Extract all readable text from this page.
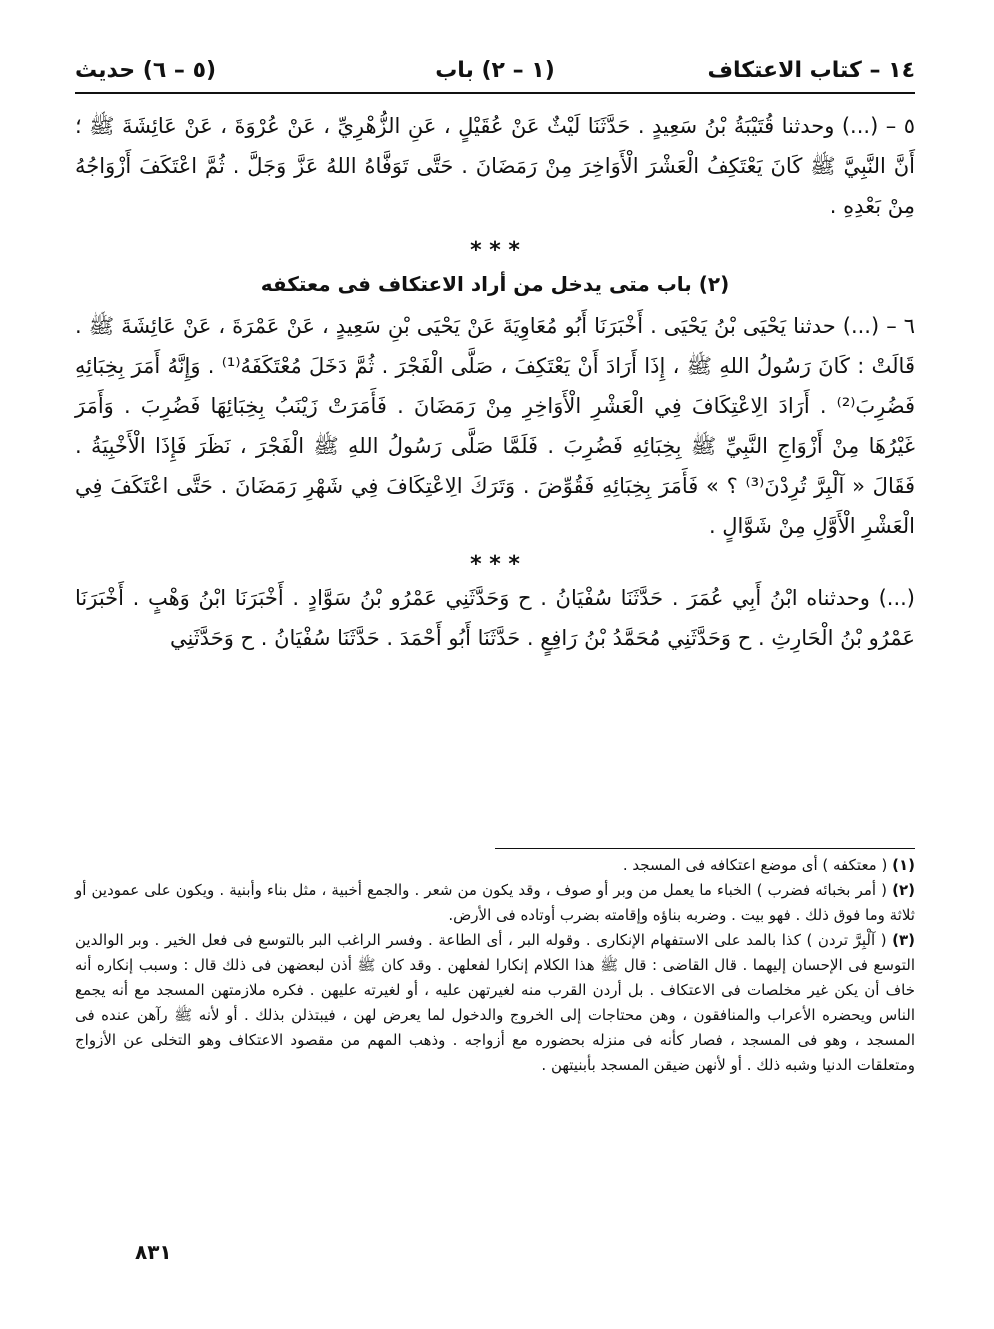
١٤ – كتاب الاعتكاف
(١ – ٢) باب
(٥ – ٦) حديث

٥ – (...) وحدثنا قُتَيْبَةُ بْنُ سَعِيدٍ . حَدَّثَنَا لَيْثٌ عَنْ عُقَيْلٍ ، عَنِ الزُّهْرِيِّ ، عَنْ عُرْوَةَ ، عَنْ عَائِشَةَ ﷺ ؛ أَنَّ النَّبِيَّ ﷺ كَانَ يَعْتَكِفُ الْعَشْرَ الْأَوَاخِرَ مِنْ رَمَضَانَ . حَتَّى تَوَفَّاهُ اللهُ عَزَّ وَجَلَّ . ثُمَّ اعْتَكَفَ أَزْوَاجُهُ مِنْ بَعْدِهِ .

* * *
(٢) باب متى يدخل من أراد الاعتكاف فى معتكفه

٦ – (...) حدثنا يَحْيَى بْنُ يَحْيَى . أَخْبَرَنَا أَبُو مُعَاوِيَةَ عَنْ يَحْيَى بْنِ سَعِيدٍ ، عَنْ عَمْرَةَ ، عَنْ عَائِشَةَ ﷺ . قَالَتْ : كَانَ رَسُولُ اللهِ ﷺ ، إِذَا أَرَادَ أَنْ يَعْتَكِفَ ، صَلَّى الْفَجْرَ . ثُمَّ دَخَلَ مُعْتَكَفَهُ⁽¹⁾ . وَإِنَّهُ أَمَرَ بِخِبَائِهِ فَضُرِبَ⁽²⁾ . أَرَادَ الِاعْتِكَافَ فِي الْعَشْرِ الْأَوَاخِرِ مِنْ رَمَضَانَ . فَأَمَرَتْ زَيْنَبُ بِخِبَائِهَا فَضُرِبَ . وَأَمَرَ غَيْرُهَا مِنْ أَزْوَاجِ النَّبِيِّ ﷺ بِخِبَائِهِ فَضُرِبَ . فَلَمَّا صَلَّى رَسُولُ اللهِ ﷺ الْفَجْرَ ، نَظَرَ فَإِذَا الْأَخْبِيَةُ . فَقَالَ « آلْبِرَّ تُرِدْنَ⁽³⁾ ؟ » فَأَمَرَ بِخِبَائِهِ فَقُوِّضَ . وَتَرَكَ الِاعْتِكَافَ فِي شَهْرِ رَمَضَانَ . حَتَّى اعْتَكَفَ فِي الْعَشْرِ الْأَوَّلِ مِنْ شَوَّالٍ .

* * *

(...) وحدثناه ابْنُ أَبِي عُمَرَ . حَدَّثَنَا سُفْيَانُ . ح وَحَدَّثَنِي عَمْرُو بْنُ سَوَّادٍ . أَخْبَرَنَا ابْنُ وَهْبٍ . أَخْبَرَنَا عَمْرُو بْنُ الْحَارِثِ . ح وَحَدَّثَنِي مُحَمَّدُ بْنُ رَافِعٍ . حَدَّثَنَا أَبُو أَحْمَدَ . حَدَّثَنَا سُفْيَانُ . ح وَحَدَّثَنِي

(١) ( معتكفه ) أى موضع اعتكافه فى المسجد .

(٢) ( أمر بخبائه فضرب ) الخباء ما يعمل من وبر أو صوف ، وقد يكون من شعر . والجمع أخبية ، مثل بناء وأبنية . ويكون على عمودين أو ثلاثة وما فوق ذلك . فهو بيت . وضربه بناؤه وإقامته بضرب أوتاده فى الأرض.

(٣) ( آلْبِرَّ تردن ) كذا بالمد على الاستفهام الإنكارى . وقوله البر ، أى الطاعة . وفسر الراغب البر بالتوسع فى فعل الخير . وبر الوالدين التوسع فى الإحسان إليهما . قال القاضى : قال ﷺ هذا الكلام إنكارا لفعلهن . وقد كان ﷺ أذن لبعضهن فى ذلك قال : وسبب إنكاره أنه خاف أن يكن غير مخلصات فى الاعتكاف . بل أردن القرب منه لغيرتهن عليه ، أو لغيرته عليهن . فكره ملازمتهن المسجد مع أنه يجمع الناس ويحضره الأعراب والمنافقون ، وهن محتاجات إلى الخروج والدخول لما يعرض لهن ، فيبتذلن بذلك . أو لأنه ﷺ رآهن عنده فى المسجد ، وهو فى المسجد ، فصار كأنه فى منزله بحضوره مع أزواجه . وذهب المهم من مقصود الاعتكاف وهو التخلى عن الأزواج ومتعلقات الدنيا وشبه ذلك . أو لأنهن ضيقن المسجد بأبنيتهن .

٨٣١
